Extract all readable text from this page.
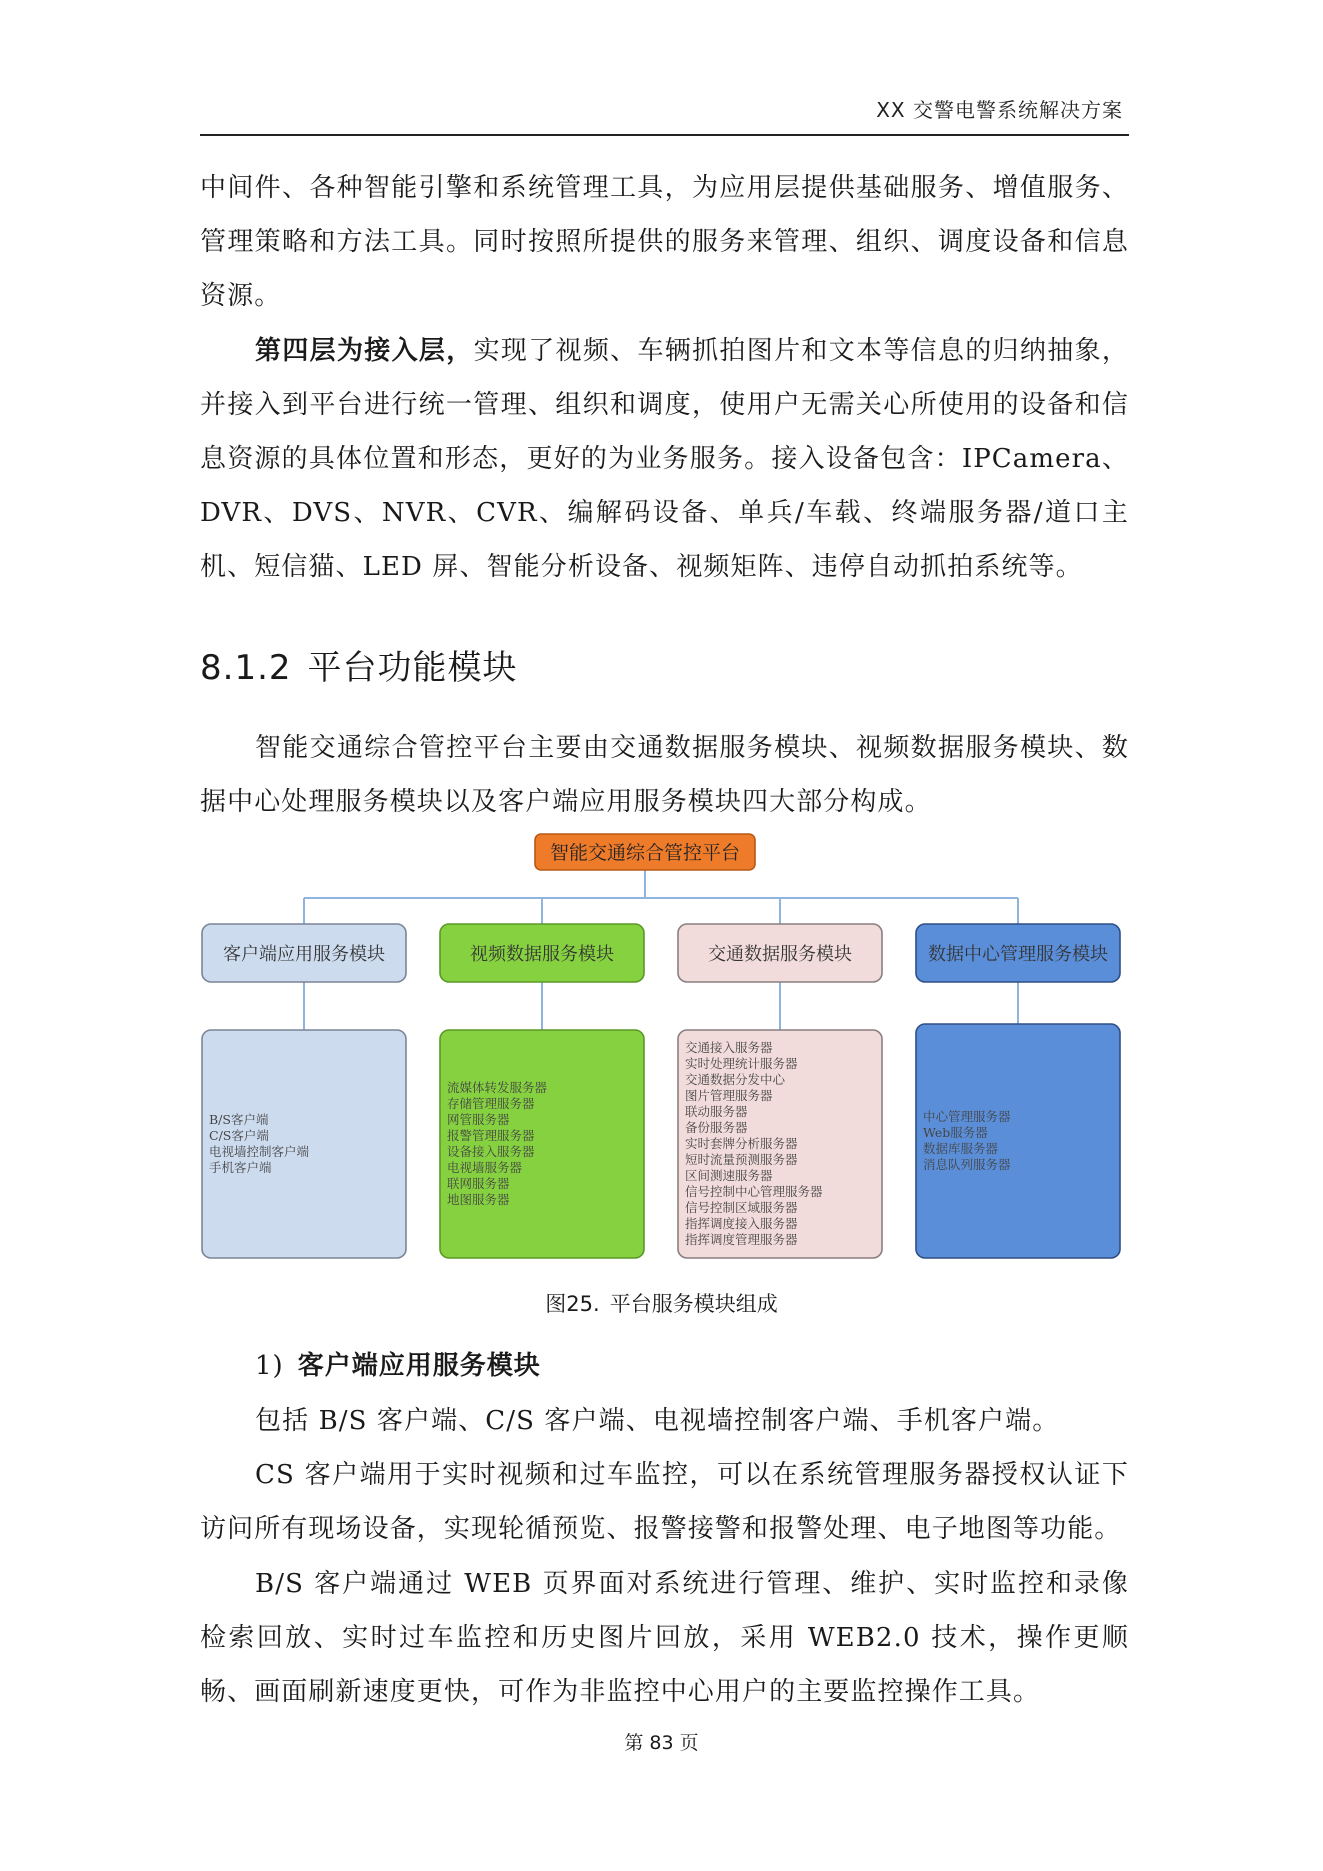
XX 交警电警系统解决方案

中间件、各种智能引擎和系统管理工具，为应用层提供基础服务、增值服务、管理策略和方法工具。同时按照所提供的服务来管理、组织、调度设备和信息资源。

第四层为接入层，实现了视频、车辆抓拍图片和文本等信息的归纳抽象，并接入到平台进行统一管理、组织和调度，使用户无需关心所使用的设备和信息资源的具体位置和形态，更好的为业务服务。接入设备包含：IPCamera、DVR、DVS、NVR、CVR、编解码设备、单兵/车载、终端服务器/道口主机、短信猫、LED 屏、智能分析设备、视频矩阵、违停自动抓拍系统等。

8.1.2 平台功能模块

智能交通综合管控平台主要由交通数据服务模块、视频数据服务模块、数据中心处理服务模块以及客户端应用服务模块四大部分构成。

客户端应用服务模块
B/S客户端
C/S客户端
电视墙控制客户端
手机客户端
视频数据服务模块
流媒体转发服务器
存储管理服务器
网管服务器
报警管理服务器
设备接入服务器
电视墙服务器
联网服务器
地图服务器
交通数据服务模块
交通接入服务器
实时处理统计服务器
交通数据分发中心
图片管理服务器
联动服务器
备份服务器
实时套牌分析服务器
短时流量预测服务器
区间测速服务器
信号控制中心管理服务器
信号控制区域服务器
指挥调度接入服务器
指挥调度管理服务器
数据中心管理服务模块
中心管理服务器
Web服务器
数据库服务器
消息队列服务器
智能交通综合管控平台
图25. 平台服务模块组成
1) 客户端应用服务模块

包括 B/S 客户端、C/S 客户端、电视墙控制客户端、手机客户端。

CS 客户端用于实时视频和过车监控，可以在系统管理服务器授权认证下访问所有现场设备，实现轮循预览、报警接警和报警处理、电子地图等功能。

B/S 客户端通过 WEB 页界面对系统进行管理、维护、实时监控和录像检索回放、实时过车监控和历史图片回放，采用 WEB2.0 技术，操作更顺畅、画面刷新速度更快，可作为非监控中心用户的主要监控操作工具。

第 83 页
